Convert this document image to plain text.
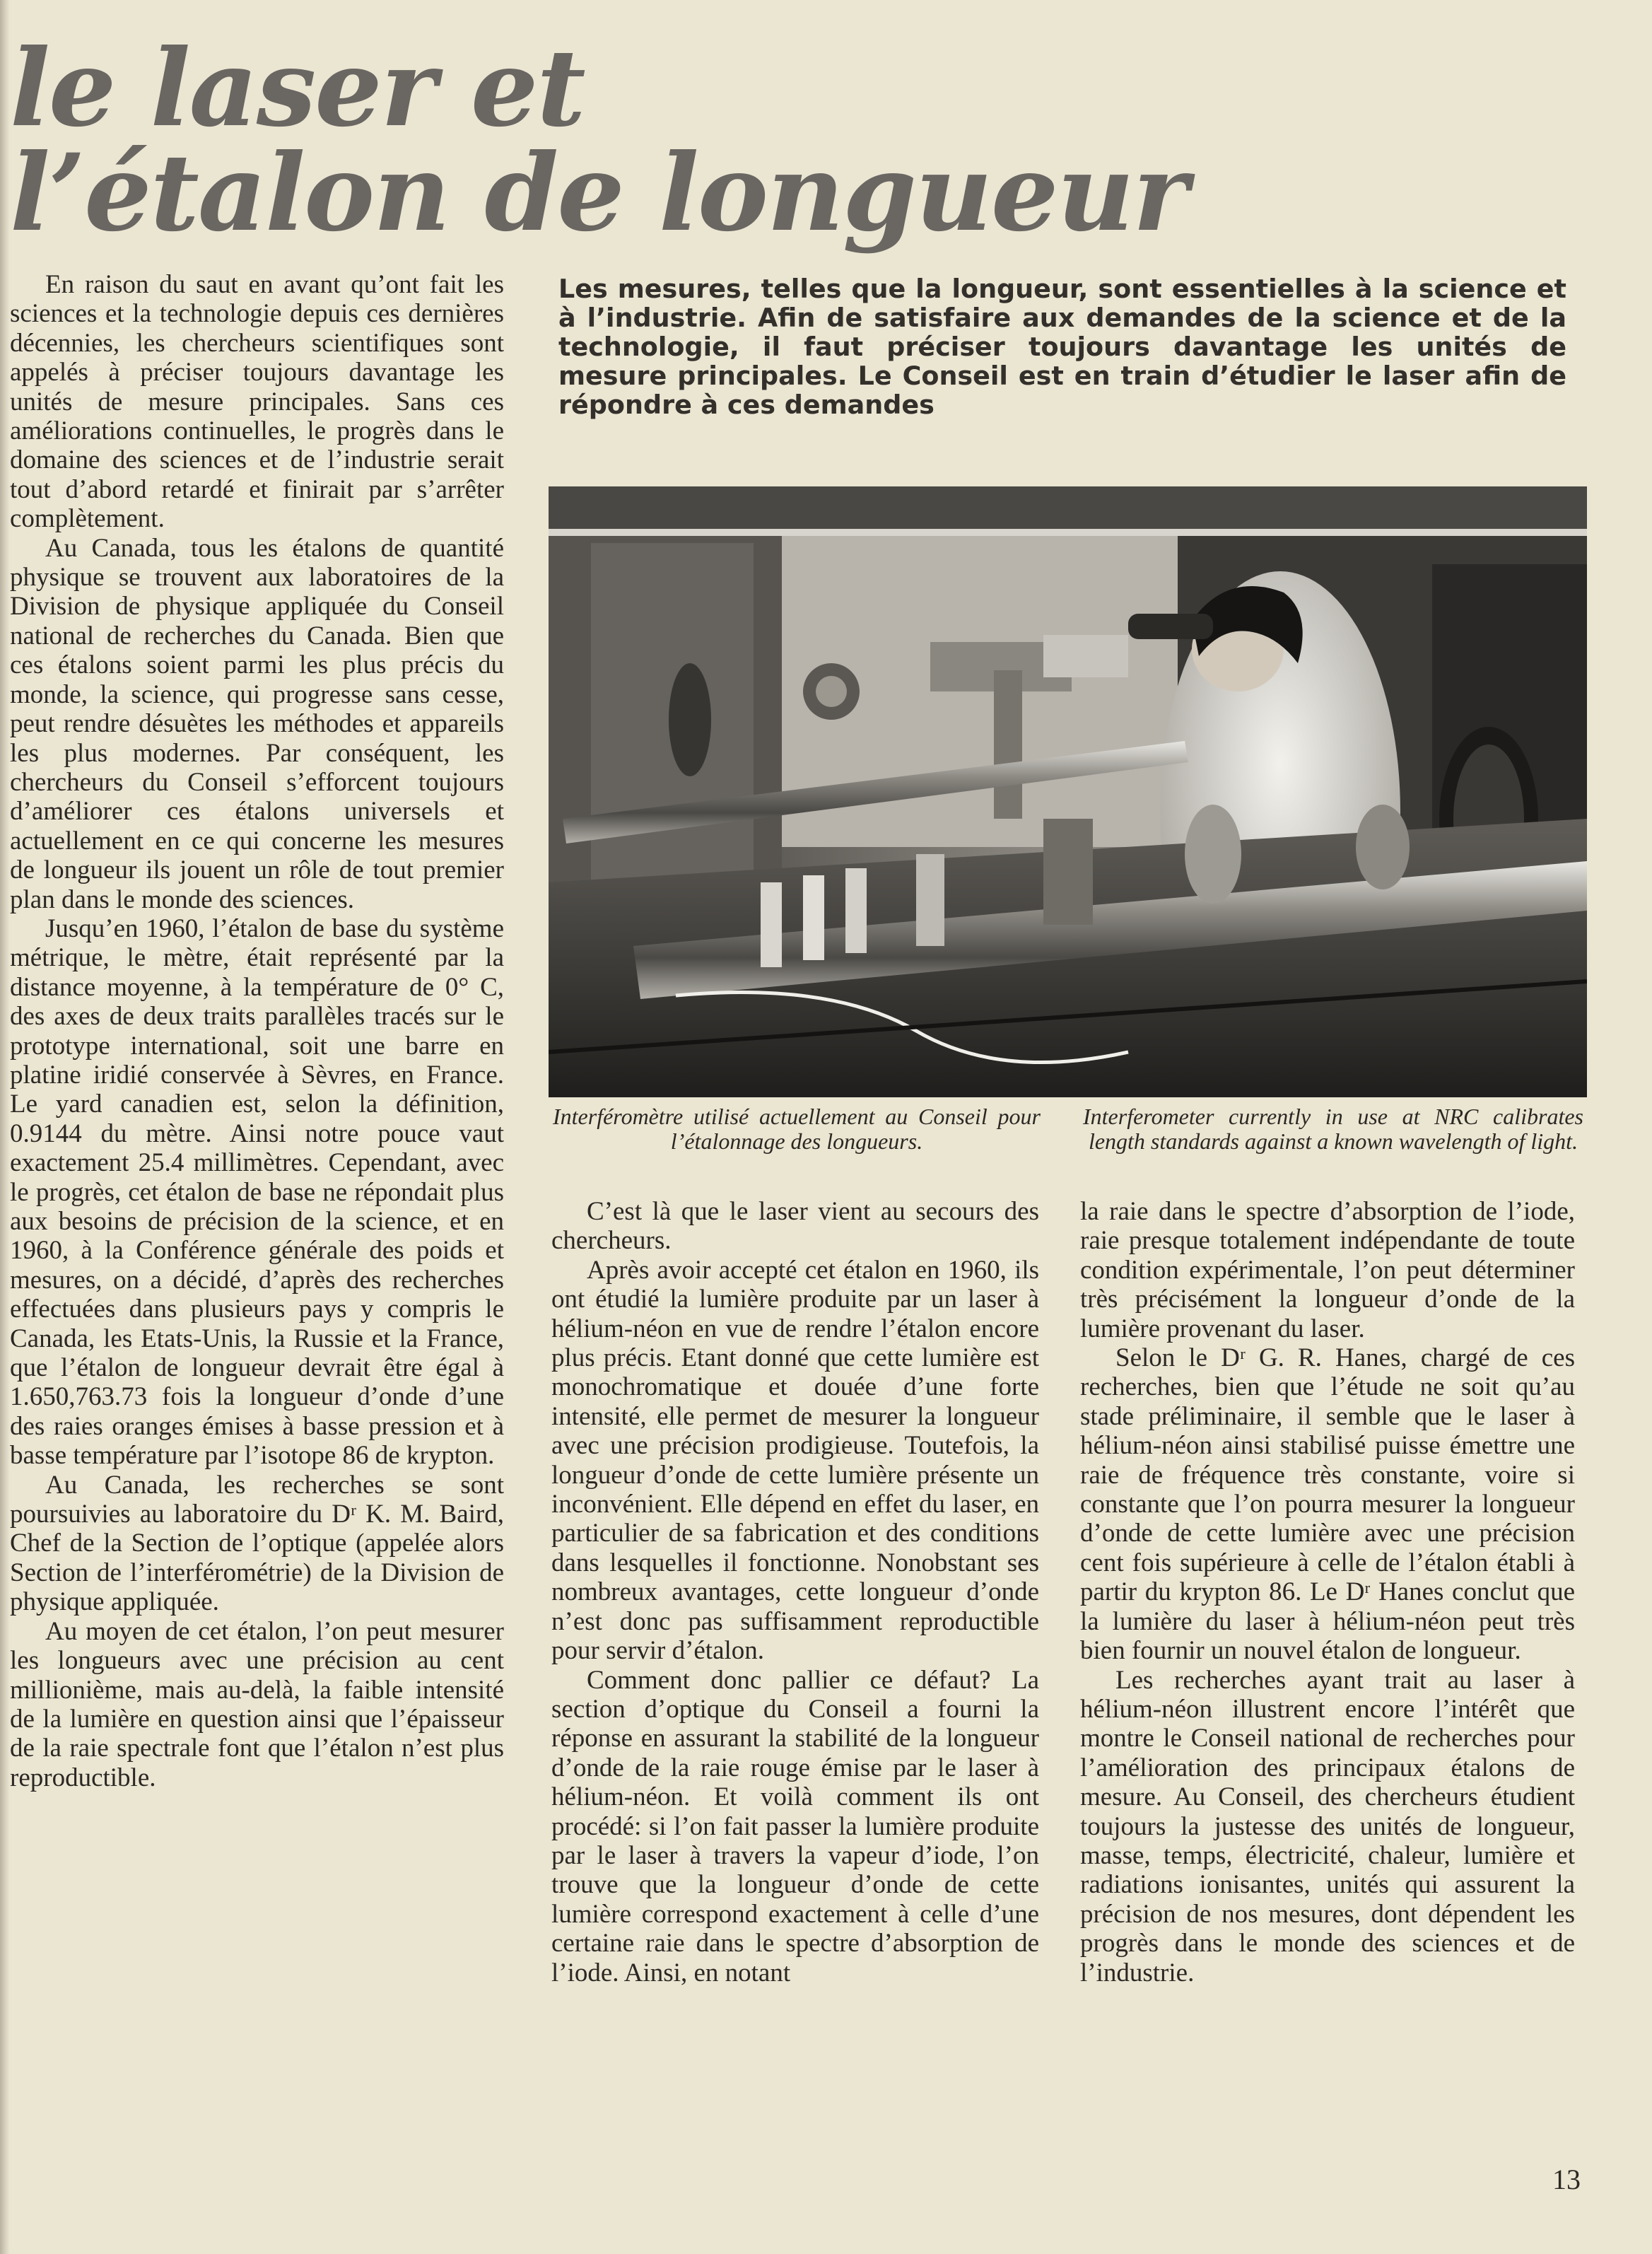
le laser et
l’étalon de longueur

En raison du saut en avant qu’ont fait les sciences et la technologie depuis ces dernières décennies, les chercheurs scientifiques sont appelés à préciser toujours davantage les unités de mesure principales. Sans ces améliorations continuelles, le progrès dans le domaine des sciences et de l’industrie serait tout d’abord retardé et finirait par s’arrêter complètement.

Au Canada, tous les étalons de quantité physique se trouvent aux laboratoires de la Division de physique appliquée du Conseil national de recherches du Canada. Bien que ces étalons soient parmi les plus précis du monde, la science, qui progresse sans cesse, peut rendre désuètes les méthodes et appareils les plus modernes. Par conséquent, les chercheurs du Conseil s’efforcent toujours d’améliorer ces étalons universels et actuellement en ce qui concerne les mesures de longueur ils jouent un rôle de tout premier plan dans le monde des sciences.

Jusqu’en 1960, l’étalon de base du système métrique, le mètre, était représenté par la distance moyenne, à la température de 0° C, des axes de deux traits parallèles tracés sur le prototype international, soit une barre en platine iridié conservée à Sèvres, en France. Le yard canadien est, selon la définition, 0.9144 du mètre. Ainsi notre pouce vaut exactement 25.4 millimètres. Cependant, avec le progrès, cet étalon de base ne répondait plus aux besoins de précision de la science, et en 1960, à la Conférence générale des poids et mesures, on a décidé, d’après des recherches effectuées dans plusieurs pays y compris le Canada, les Etats-Unis, la Russie et la France, que l’étalon de longueur devrait être égal à 1.650,763.73 fois la longueur d’onde d’une des raies oranges émises à basse pression et à basse température par l’isotope 86 de krypton.

Au Canada, les recherches se sont poursuivies au laboratoire du Dʳ K. M. Baird, Chef de la Section de l’optique (appelée alors Section de l’interférométrie) de la Division de physique appliquée.

Au moyen de cet étalon, l’on peut mesurer les longueurs avec une précision au cent millionième, mais au-delà, la faible intensité de la lumière en question ainsi que l’épaisseur de la raie spectrale font que l’étalon n’est plus reproductible.

Les mesures, telles que la longueur, sont essentielles à la science et à l’industrie. Afin de satisfaire aux demandes de la science et de la technologie, il faut préciser toujours davantage les unités de mesure principales. Le Conseil est en train d’étudier le laser afin de répondre à ces demandes

Interféromètre utilisé actuellement au Conseil pour l’étalonnage des longueurs.

Interferometer currently in use at NRC calibrates length standards against a known wavelength of light.

C’est là que le laser vient au secours des chercheurs.

Après avoir accepté cet étalon en 1960, ils ont étudié la lumière produite par un laser à hélium-néon en vue de rendre l’étalon encore plus précis. Etant donné que cette lumière est monochromatique et douée d’une forte intensité, elle permet de mesurer la longueur avec une précision prodigieuse. Toutefois, la longueur d’onde de cette lumière présente un inconvénient. Elle dépend en effet du laser, en particulier de sa fabrication et des conditions dans lesquelles il fonctionne. Nonobstant ses nombreux avantages, cette longueur d’onde n’est donc pas suffisamment reproductible pour servir d’étalon.

Comment donc pallier ce défaut? La section d’optique du Conseil a fourni la réponse en assurant la stabilité de la longueur d’onde de la raie rouge émise par le laser à hélium-néon. Et voilà comment ils ont procédé: si l’on fait passer la lumière produite par le laser à travers la vapeur d’iode, l’on trouve que la longueur d’onde de cette lumière correspond exactement à celle d’une certaine raie dans le spectre d’absorption de l’iode. Ainsi, en notant

la raie dans le spectre d’absorption de l’iode, raie presque totalement indépendante de toute condition expérimentale, l’on peut déterminer très précisément la longueur d’onde de la lumière provenant du laser.

Selon le Dʳ G. R. Hanes, chargé de ces recherches, bien que l’étude ne soit qu’au stade préliminaire, il semble que le laser à hélium-néon ainsi stabilisé puisse émettre une raie de fréquence très constante, voire si constante que l’on pourra mesurer la longueur d’onde de cette lumière avec une précision cent fois supérieure à celle de l’étalon établi à partir du krypton 86. Le Dʳ Hanes conclut que la lumière du laser à hélium-néon peut très bien fournir un nouvel étalon de longueur.

Les recherches ayant trait au laser à hélium-néon illustrent encore l’intérêt que montre le Conseil national de recherches pour l’amélioration des principaux étalons de mesure. Au Conseil, des chercheurs étudient toujours la justesse des unités de longueur, masse, temps, électricité, chaleur, lumière et radiations ionisantes, unités qui assurent la précision de nos mesures, dont dépendent les progrès dans le monde des sciences et de l’industrie.

13
